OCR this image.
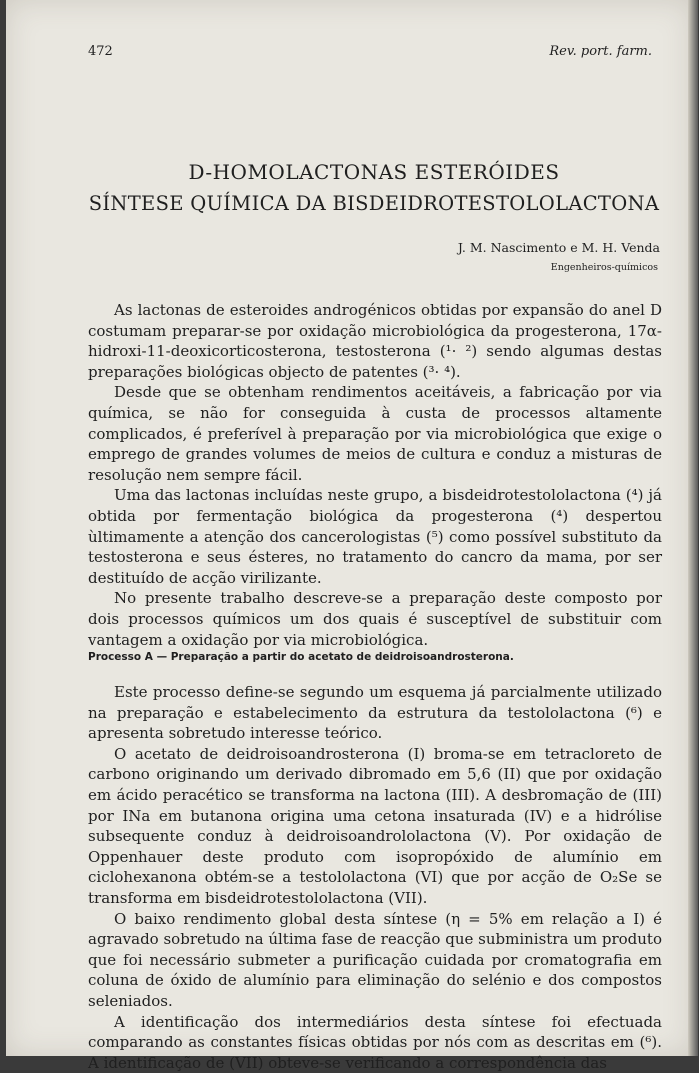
472	Rev. port. farm.
D-HOMOLACTONAS ESTERÓIDES
SÍNTESE QUÍMICA DA BISDEIDROTESTOLOLACTONA
J. M. Nascimento e M. H. Venda
Engenheiros-químicos

As lactonas de esteroides androgénicos obtidas por expansão do anel D costumam preparar-se por oxidação microbiológica da progesterona, 17α-hidroxi-11-deoxicorticosterona, testosterona (¹· ²) sendo algumas destas preparações biológicas objecto de patentes (³· ⁴).

Desde que se obtenham rendimentos aceitáveis, a fabricação por via química, se não for conseguida à custa de processos altamente complicados, é preferível à preparação por via microbiológica que exige o emprego de grandes volumes de meios de cultura e conduz a misturas de resolução nem sempre fácil.

Uma das lactonas incluídas neste grupo, a bisdeidrotestololactona (⁴) já obtida por fermentação biológica da progesterona (⁴) despertou ùltimamente a atenção dos cancerologistas (⁵) como possível substituto da testosterona e seus ésteres, no tratamento do cancro da mama, por ser destituído de acção virilizante.

No presente trabalho descreve-se a preparação deste composto por dois processos químicos um dos quais é susceptível de substituir com vantagem a oxidação por via microbiológica.

Processo A — Preparação a partir do acetato de deidroisoandrosterona.

Este processo define-se segundo um esquema já parcialmente utilizado na preparação e estabelecimento da estrutura da testololactona (⁶) e apresenta sobretudo interesse teórico.

O acetato de deidroisoandrosterona (I) broma-se em tetracloreto de carbono originando um derivado dibromado em 5,6 (II) que por oxidação em ácido peracético se transforma na lactona (III). A desbromação de (III) por INa em butanona origina uma cetona insaturada (IV) e a hidrólise subsequente conduz à deidroisoandrololactona (V). Por oxidação de Oppenhauer deste produto com isopropóxido de alumínio em ciclohexanona obtém-se a testololactona (VI) que por acção de O₂Se se transforma em bisdeidrotestololactona (VII).

O baixo rendimento global desta síntese (η = 5% em relação a I) é agravado sobretudo na última fase de reacção que subministra um produto que foi necessário submeter a purificação cuidada por cromatografia em coluna de óxido de alumínio para eliminação do selénio e dos compostos seleniados.

A identificação dos intermediários desta síntese foi efectuada comparando as constantes físicas obtidas por nós com as descritas em (⁶). A identificação de (VII) obteve-se verificando a correspondência das
